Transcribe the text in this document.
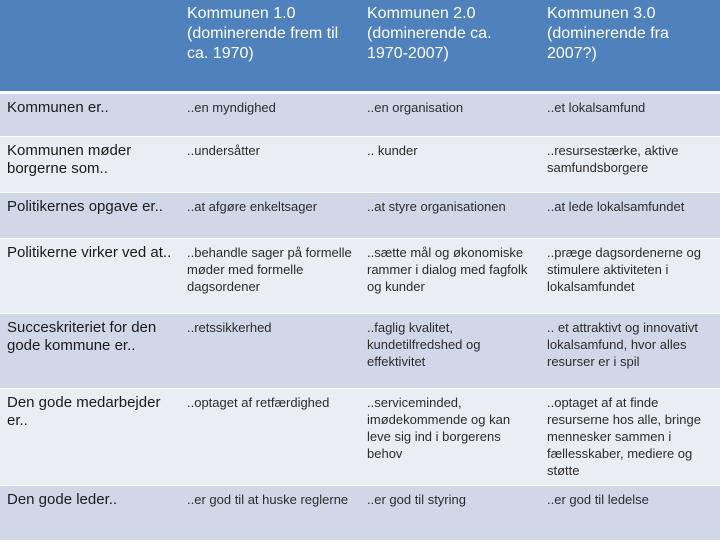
	Kommunen 1.0 (dominerende frem til ca. 1970)	Kommunen 2.0 (dominerende ca. 1970-2007)	Kommunen 3.0 (dominerende fra 2007?)
Kommunen er..	..en myndighed	..en organisation	..et lokalsamfund
Kommunen møder borgerne som..	..undersåtter	.. kunder	..resursestærke, aktive samfundsborgere
Politikernes opgave er..	..at afgøre enkeltsager	..at styre organisationen	..at lede lokalsamfundet
Politikerne virker ved at..	..behandle sager på formelle møder med formelle dagsordener	..sætte mål og økonomiske rammer i dialog med fagfolk og kunder	..præge dagsordenerne og stimulere aktiviteten i lokalsamfundet
Succeskriteriet for den gode kommune er..	..retssikkerhed	..faglig kvalitet, kundetilfredshed og effektivitet	.. et attraktivt og innovativt lokalsamfund, hvor alles resurser er i spil
Den gode medarbejder er..	..optaget af retfærdighed	..serviceminded, imødekommende og kan leve sig ind i borgerens behov	..optaget af at finde resurserne hos alle, bringe mennesker sammen i fællesskaber, mediere og støtte
Den gode leder..	..er god til at huske reglerne	..er god til styring	..er god til ledelse
